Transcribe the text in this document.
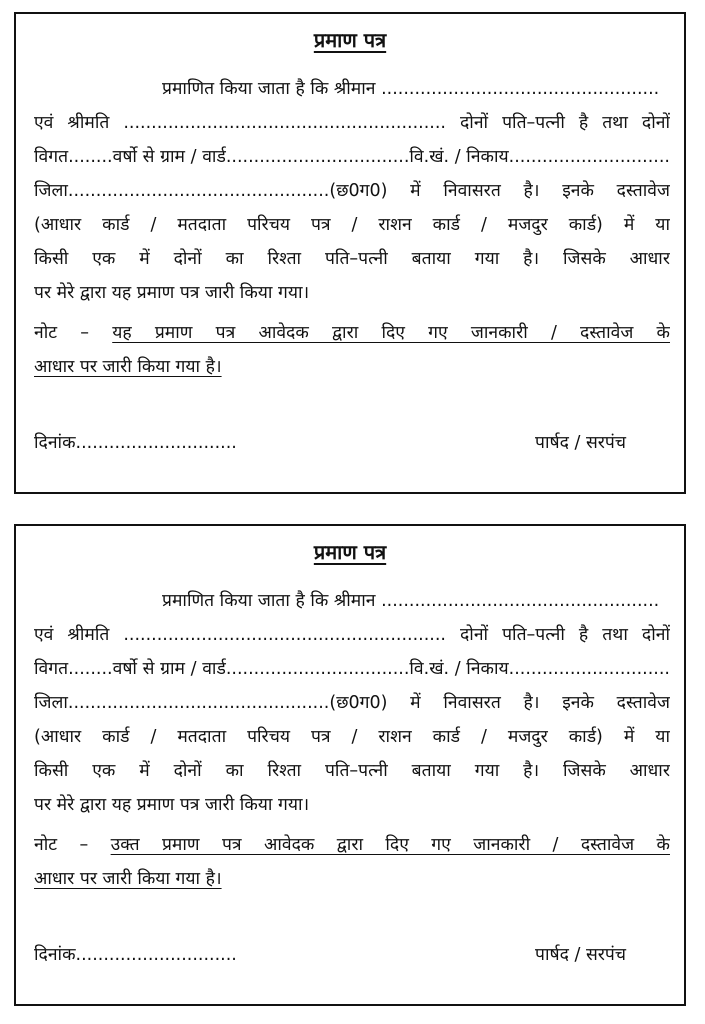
प्रमाण पत्र
प्रमाणित किया जाता है कि श्रीमान ..................................................
एवं श्रीमति .......................................................... दोनों पति–पत्नी है तथा दोनों
विगत........वर्षो से ग्राम / वार्ड.................................वि.खं. / निकाय.............................
जिला...............................................(छ0ग0) में निवासरत है। इनके दस्तावेज
(आधार कार्ड / मतदाता परिचय पत्र / राशन कार्ड / मजदुर कार्ड) में या
किसी एक में दोनों का रिश्ता पति–पत्नी बताया गया है। जिसके आधार
पर मेरे द्वारा यह प्रमाण पत्र जारी किया गया।
नोट – यह प्रमाण पत्र आवेदक द्वारा दिए गए जानकारी / दस्तावेज के
आधार पर जारी किया गया है।
दिनांक.............................	पार्षद / सरपंच
प्रमाण पत्र
प्रमाणित किया जाता है कि श्रीमान ..................................................
एवं श्रीमति .......................................................... दोनों पति–पत्नी है तथा दोनों
विगत........वर्षो से ग्राम / वार्ड.................................वि.खं. / निकाय.............................
जिला...............................................(छ0ग0) में निवासरत है। इनके दस्तावेज
(आधार कार्ड / मतदाता परिचय पत्र / राशन कार्ड / मजदुर कार्ड) में या
किसी एक में दोनों का रिश्ता पति–पत्नी बताया गया है। जिसके आधार
पर मेरे द्वारा यह प्रमाण पत्र जारी किया गया।
नोट – उक्त प्रमाण पत्र आवेदक द्वारा दिए गए जानकारी / दस्तावेज के
आधार पर जारी किया गया है।
दिनांक.............................	पार्षद / सरपंच
